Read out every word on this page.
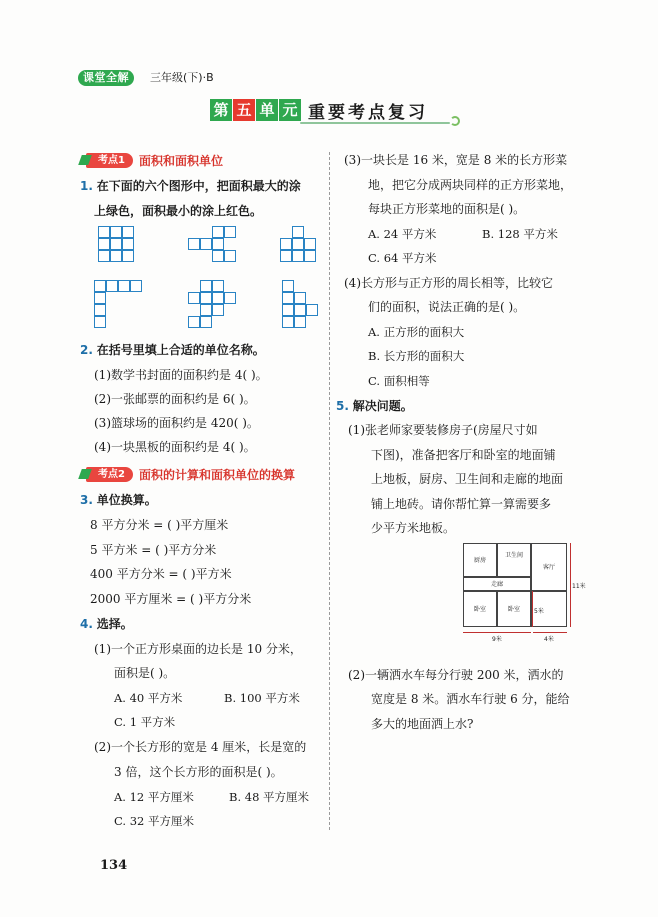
课堂全解	三年级(下)·B
第 五 单 元 重要考点复习
考点1	面积和面积单位
1. 在下面的六个图形中，把面积最大的涂
上绿色，面积最小的涂上红色。
2. 在括号里填上合适的单位名称。
(1)数学书封面的面积约是 4( )。
(2)一张邮票的面积约是 6( )。
(3)篮球场的面积约是 420( )。
(4)一块黑板的面积约是 4( )。
考点2	面积的计算和面积单位的换算
3. 单位换算。
8 平方分米 = ( )平方厘米
5 平方米 = ( )平方分米
400 平方分米 = ( )平方米
2000 平方厘米 = ( )平方分米
4. 选择。
(1)一个正方形桌面的边长是 10 分米，
面积是( )。
A. 40 平方米	B. 100 平方米
C. 1 平方米
(2)一个长方形的宽是 4 厘米，长是宽的
3 倍，这个长方形的面积是( )。
A. 12 平方厘米	B. 48 平方厘米
C. 32 平方厘米
134
(3)一块长是 16 米，宽是 8 米的长方形菜
地，把它分成两块同样的正方形菜地，
每块正方形菜地的面积是( )。
A. 24 平方米	B. 128 平方米
C. 64 平方米
(4)长方形与正方形的周长相等，比较它
们的面积，说法正确的是( )。
A. 正方形的面积大
B. 长方形的面积大
C. 面积相等
5. 解决问题。
(1)张老师家要装修房子(房屋尺寸如
下图)，准备把客厅和卧室的地面铺
上地板，厨房、卫生间和走廊的地面
铺上地砖。请你帮忙算一算需要多
少平方米地板。
厨房
卫生间
客厅
走廊
卧室	卧室
11米
5米
9米	4米
(2)一辆洒水车每分行驶 200 米，洒水的
宽度是 8 米。洒水车行驶 6 分，能给
多大的地面洒上水?
